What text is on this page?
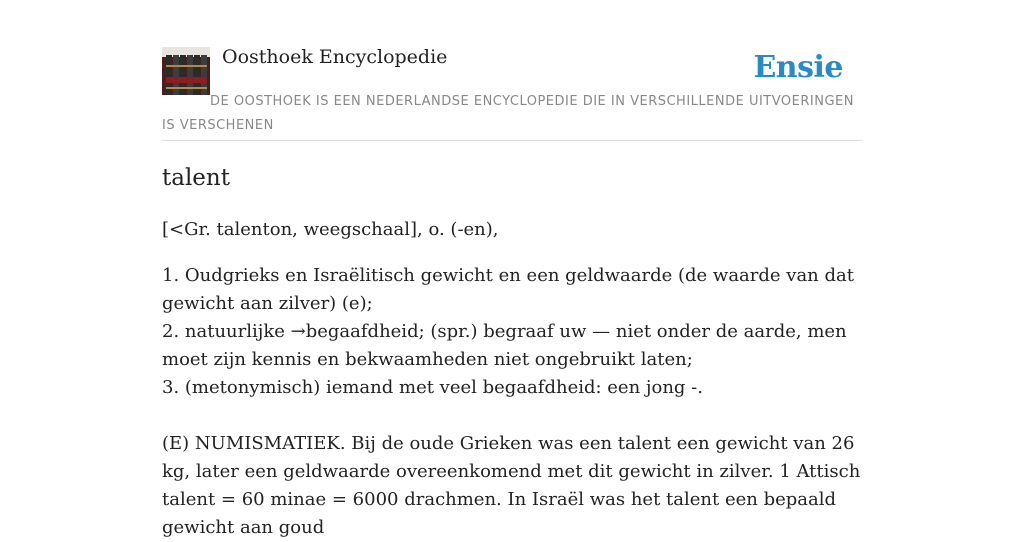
Oosthoek Encyclopedie	Ensie
DE OOSTHOEK IS EEN NEDERLANDSE ENCYCLOPEDIE DIE IN VERSCHILLENDE UITVOERINGEN IS VERSCHENEN
talent

[<Gr. talenton, weegschaal], o. (-en),

1. Oudgrieks en Israëlitisch gewicht en een geldwaarde (de waarde van dat gewicht aan zilver) (e);
2. natuurlijke →begaafdheid; (spr.) begraaf uw — niet onder de aarde, men moet zijn kennis en bekwaamheden niet ongebruikt laten;
3. (metonymisch) iemand met veel begaafdheid: een jong -.
(E) NUMISMATIEK. Bij de oude Grieken was een talent een gewicht van 26 kg, later een geldwaarde overeenkomend met dit gewicht in zilver. 1 Attisch talent = 60 minae = 6000 drachmen. In Israël was het talent een bepaald gewicht aan goud
